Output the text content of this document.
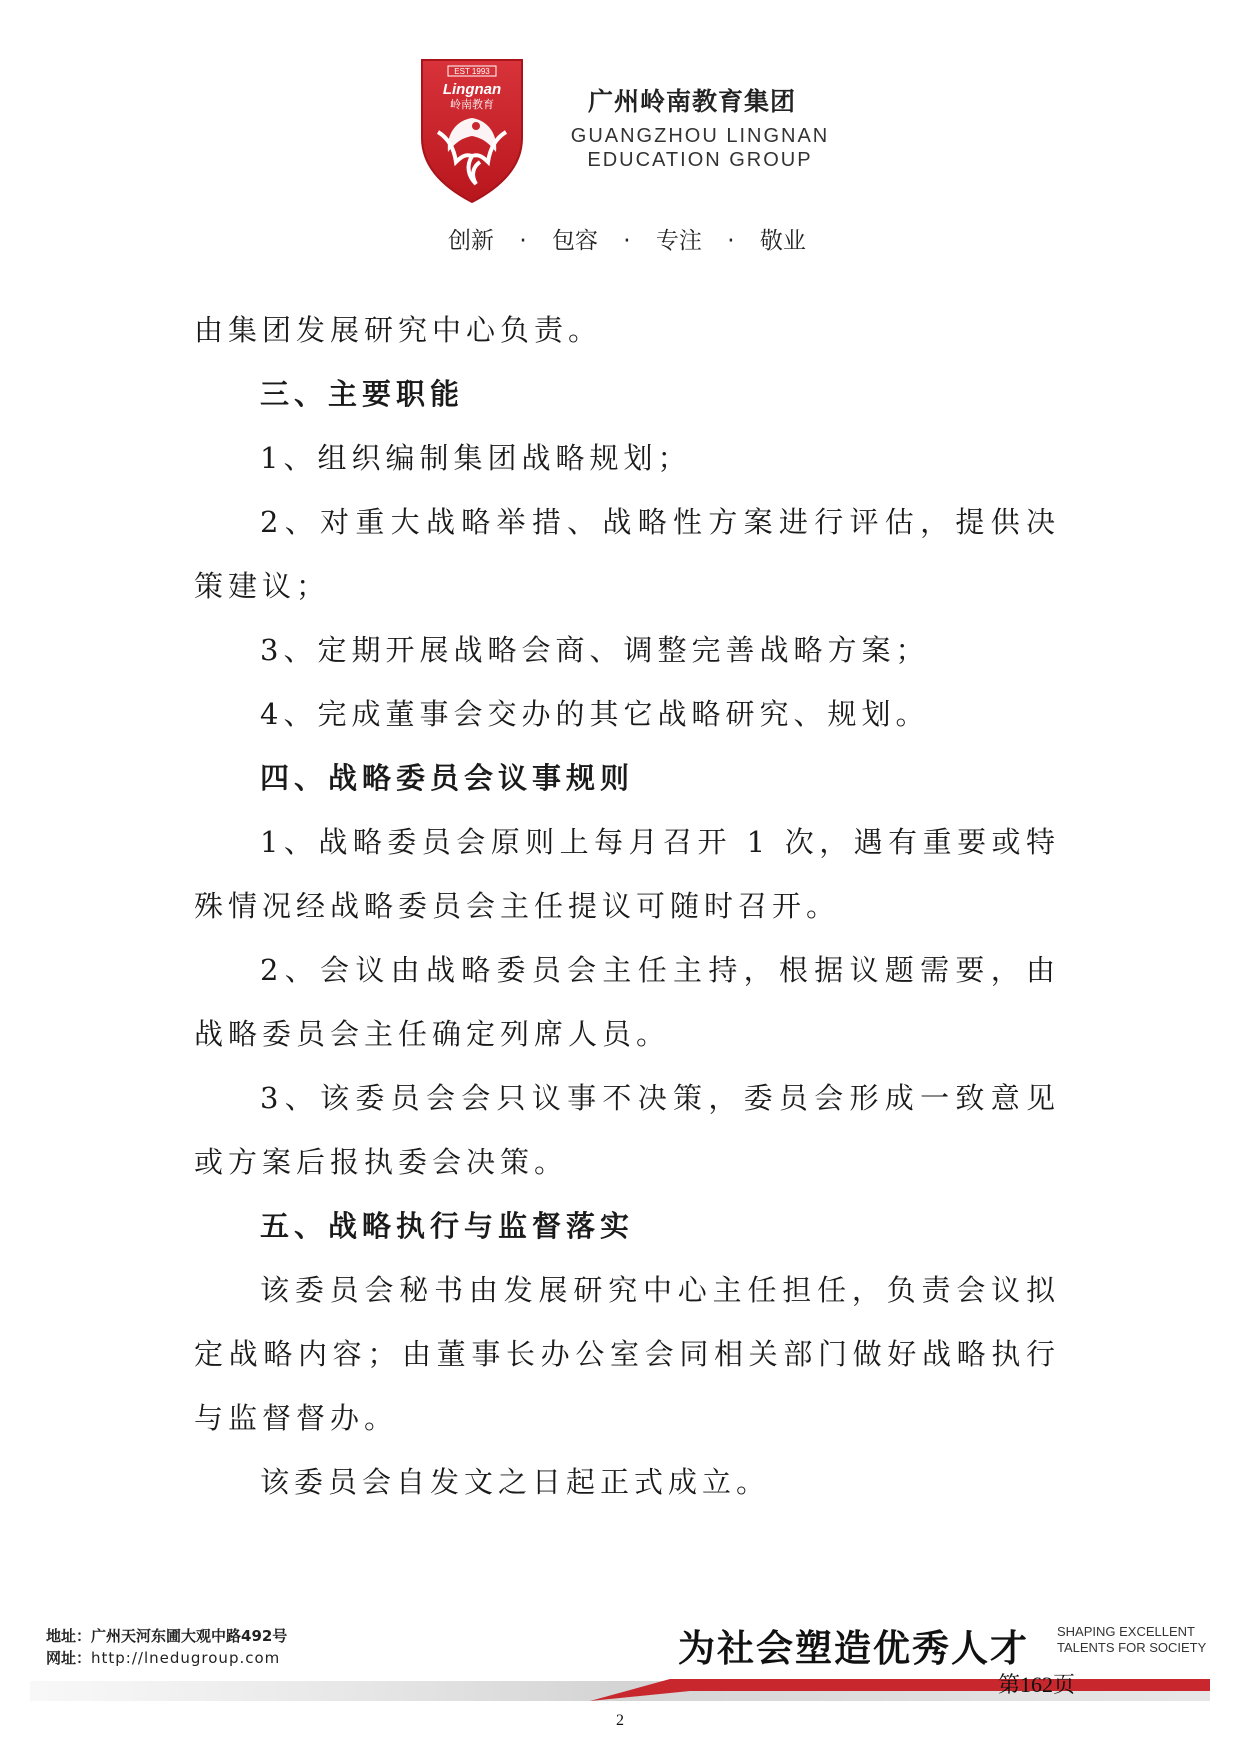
EST 1993
Lingnan
岭南教育	广州岭南教育集团
GUANGZHOU LINGNAN
EDUCATION GROUP
创新 · 包容 · 专注 · 敬业

由集团发展研究中心负责。

三、主要职能

1、组织编制集团战略规划；

2、对重大战略举措、战略性方案进行评估，提供决策建议；

3、定期开展战略会商、调整完善战略方案；

4、完成董事会交办的其它战略研究、规划。

四、战略委员会议事规则

1、战略委员会原则上每月召开 1 次，遇有重要或特殊情况经战略委员会主任提议可随时召开。

2、会议由战略委员会主任主持，根据议题需要，由战略委员会主任确定列席人员。

3、该委员会会只议事不决策，委员会形成一致意见或方案后报执委会决策。

五、战略执行与监督落实

该委员会秘书由发展研究中心主任担任，负责会议拟定战略内容；由董事长办公室会同相关部门做好战略执行与监督督办。

该委员会自发文之日起正式成立。

地址：广州天河东圃大观中路492号
网址：http://lnedugroup.com	为社会塑造优秀人才 SHAPING EXCELLENT
TALENTS FOR SOCIETY
第162页
2
